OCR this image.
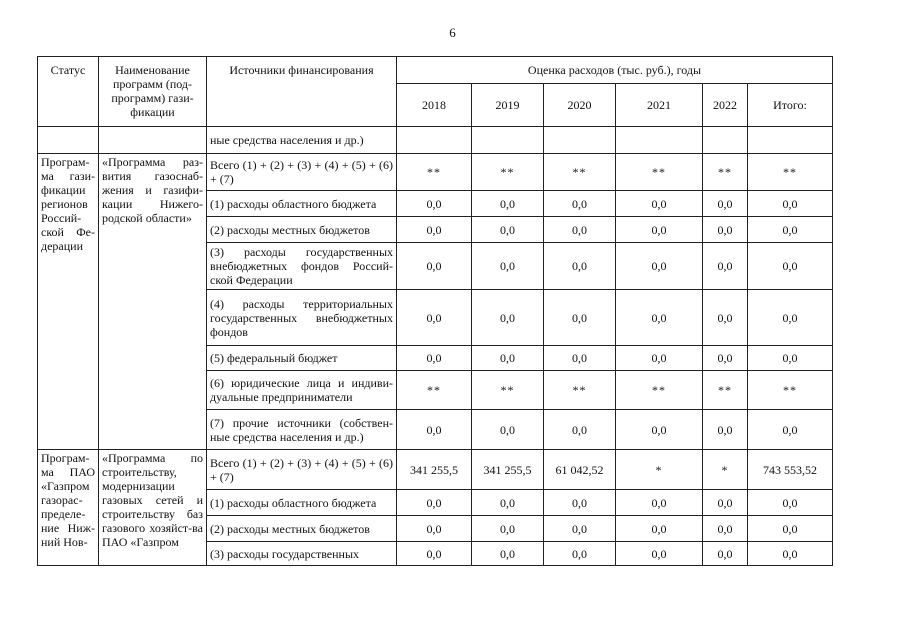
6
Статус	Наименование программ (под-программ) гази-фикации	Источники финансирования	Оценка расходов (тыс. руб.), годы					
			2018	2019	2020	2021	2022	Итого:
		ные средства населения и др.)						
Програм-ма гази-фикации регионов Россий-ской Фе-дерации	«Программа раз-вития газоснаб-жения и газифи-кации Нижего-родской области»	Всего (1) + (2) + (3) + (4) + (5) + (6) + (7)	**	**	**	**	**	**
		(1) расходы областного бюджета	0,0	0,0	0,0	0,0	0,0	0,0
		(2) расходы местных бюджетов	0,0	0,0	0,0	0,0	0,0	0,0
		(3) расходы государственных внебюджетных фондов Россий-ской Федерации	0,0	0,0	0,0	0,0	0,0	0,0
		(4) расходы территориальных государственных внебюджетных фондов	0,0	0,0	0,0	0,0	0,0	0,0
		(5) федеральный бюджет	0,0	0,0	0,0	0,0	0,0	0,0
		(6) юридические лица и индиви-дуальные предприниматели	**	**	**	**	**	**
		(7) прочие источники (собствен-ные средства населения и др.)	0,0	0,0	0,0	0,0	0,0	0,0
Програм-ма ПАО «Газпром газорас-пределе-ние Ниж-ний Нов-	«Программа по строительству, модернизации газовых сетей и строительству баз газового хозяйст-ва ПАО «Газпром	Всего (1) + (2) + (3) + (4) + (5) + (6) + (7)	341 255,5	341 255,5	61 042,52	*	*	743 553,52
		(1) расходы областного бюджета	0,0	0,0	0,0	0,0	0,0	0,0
		(2) расходы местных бюджетов	0,0	0,0	0,0	0,0	0,0	0,0
		(3) расходы государственных	0,0	0,0	0,0	0,0	0,0	0,0
